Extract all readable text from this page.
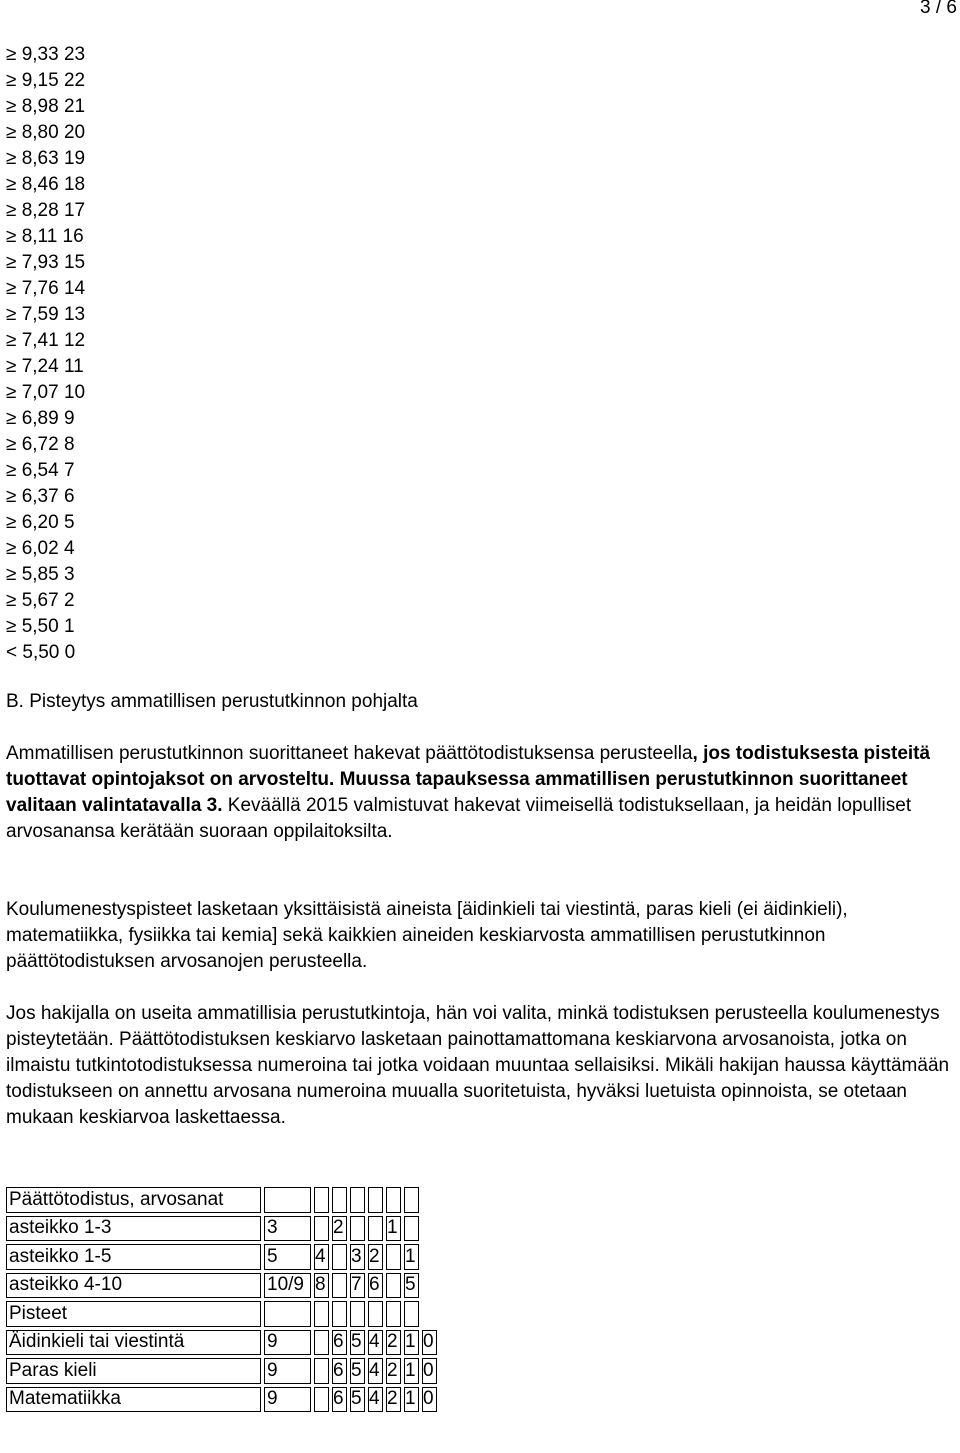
3 / 6
≥ 9,33 23
≥ 9,15 22
≥ 8,98 21
≥ 8,80 20
≥ 8,63 19
≥ 8,46 18
≥ 8,28 17
≥ 8,11 16
≥ 7,93 15
≥ 7,76 14
≥ 7,59 13
≥ 7,41 12
≥ 7,24 11
≥ 7,07 10
≥ 6,89 9
≥ 6,72 8
≥ 6,54 7
≥ 6,37 6
≥ 6,20 5
≥ 6,02 4
≥ 5,85 3
≥ 5,67 2
≥ 5,50 1
< 5,50 0
B. Pisteytys ammatillisen perustutkinnon pohjalta

Ammatillisen perustutkinnon suorittaneet hakevat päättötodistuksensa perusteella, jos todistuksesta pisteitä tuottavat opintojaksot on arvosteltu. Muussa tapauksessa ammatillisen perustutkinnon suorittaneet valitaan valintatavalla 3. Keväällä 2015 valmistuvat hakevat viimeisellä todistuksellaan, ja heidän lopulliset arvosanansa kerätään suoraan oppilaitoksilta.

Koulumenestyspisteet lasketaan yksittäisistä aineista [äidinkieli tai viestintä, paras kieli (ei äidinkieli), matematiikka, fysiikka tai kemia] sekä kaikkien aineiden keskiarvosta ammatillisen perustutkinnon päättötodistuksen arvosanojen perusteella.

Jos hakijalla on useita ammatillisia perustutkintoja, hän voi valita, minkä todistuksen perusteella koulumenestys pisteytetään. Päättötodistuksen keskiarvo lasketaan painottamattomana keskiarvona arvosanoista, jotka on ilmaistu tutkintotodistuksessa numeroina tai jotka voidaan muuntaa sellaisiksi. Mikäli hakijan haussa käyttämään todistukseen on annettu arvosana numeroina muualla suoritetuista, hyväksi luetuista opinnoista, se otetaan mukaan keskiarvoa laskettaessa.

Päättötodistus, arvosanat								
asteikko 1-3	3		2			1		
asteikko 1-5	5	4		3	2		1	
asteikko 4-10	10/9	8		7	6		5	
Pisteet								
Äidinkieli tai viestintä	9		6	5	4	2	1	0
Paras kieli	9		6	5	4	2	1	0
Matematiikka	9		6	5	4	2	1	0
